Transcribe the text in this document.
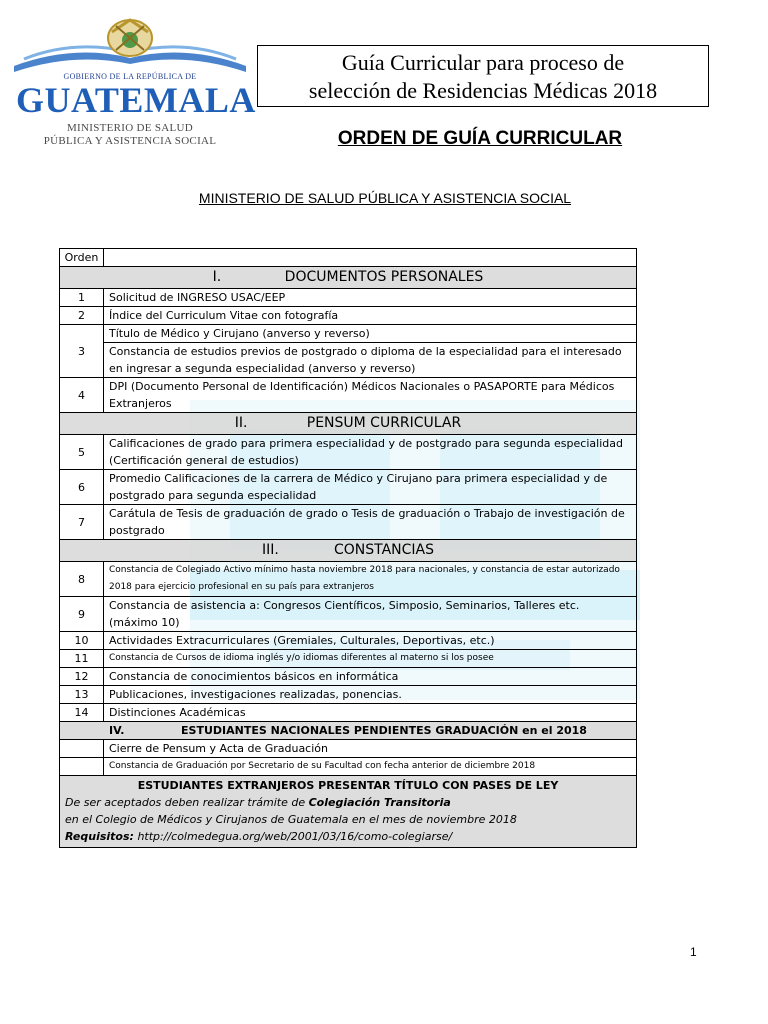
GOBIERNO DE LA REPÚBLICA DE
GUATEMALA
MINISTERIO DE SALUD
PÚBLICA Y ASISTENCIA SOCIAL
Guía Curricular para proceso de
selección de Residencias Médicas 2018
ORDEN DE GUÍA CURRICULAR
MINISTERIO DE SALUD PÚBLICA Y ASISTENCIA SOCIAL
Orden	
I. DOCUMENTOS PERSONALES	
1	Solicitud de INGRESO USAC/EEP
2	Índice del Curriculum Vitae con fotografía
3	Título de Médico y Cirujano (anverso y reverso)
	Constancia de estudios previos de postgrado o diploma de la especialidad para el interesado en ingresar a segunda especialidad (anverso y reverso)
4	DPI (Documento Personal de Identificación) Médicos Nacionales o PASAPORTE para Médicos Extranjeros
II. PENSUM CURRICULAR	
5	Calificaciones de grado para primera especialidad y de postgrado para segunda especialidad (Certificación general de estudios)
6	Promedio Calificaciones de la carrera de Médico y Cirujano para primera especialidad y de postgrado para segunda especialidad
7	Carátula de Tesis de graduación de grado o Tesis de graduación o Trabajo de investigación de postgrado
III. CONSTANCIAS	
8	Constancia de Colegiado Activo mínimo hasta noviembre 2018 para nacionales, y constancia de estar autorizado 2018 para ejercicio profesional en su país para extranjeros
9	Constancia de asistencia a: Congresos Científicos, Simposio, Seminarios, Talleres etc. (máximo 10)
10	Actividades Extracurriculares (Gremiales, Culturales, Deportivas, etc.)
11	Constancia de Cursos de idioma inglés y/o idiomas diferentes al materno si los posee
12	Constancia de conocimientos básicos en informática
13	Publicaciones, investigaciones realizadas, ponencias.
14	Distinciones Académicas
IV. ESTUDIANTES NACIONALES PENDIENTES GRADUACIÓN en el 2018	
	Cierre de Pensum y Acta de Graduación
	Constancia de Graduación por Secretario de su Facultad con fecha anterior de diciembre 2018

ESTUDIANTES EXTRANJEROS PRESENTAR TÍTULO CON PASES DE LEY
De ser aceptados deben realizar trámite de Colegiación Transitoria
en el Colegio de Médicos y Cirujanos de Guatemala en el mes de noviembre 2018
Requisitos: http://colmedegua.org/web/2001/03/16/como-colegiarse/	
1
